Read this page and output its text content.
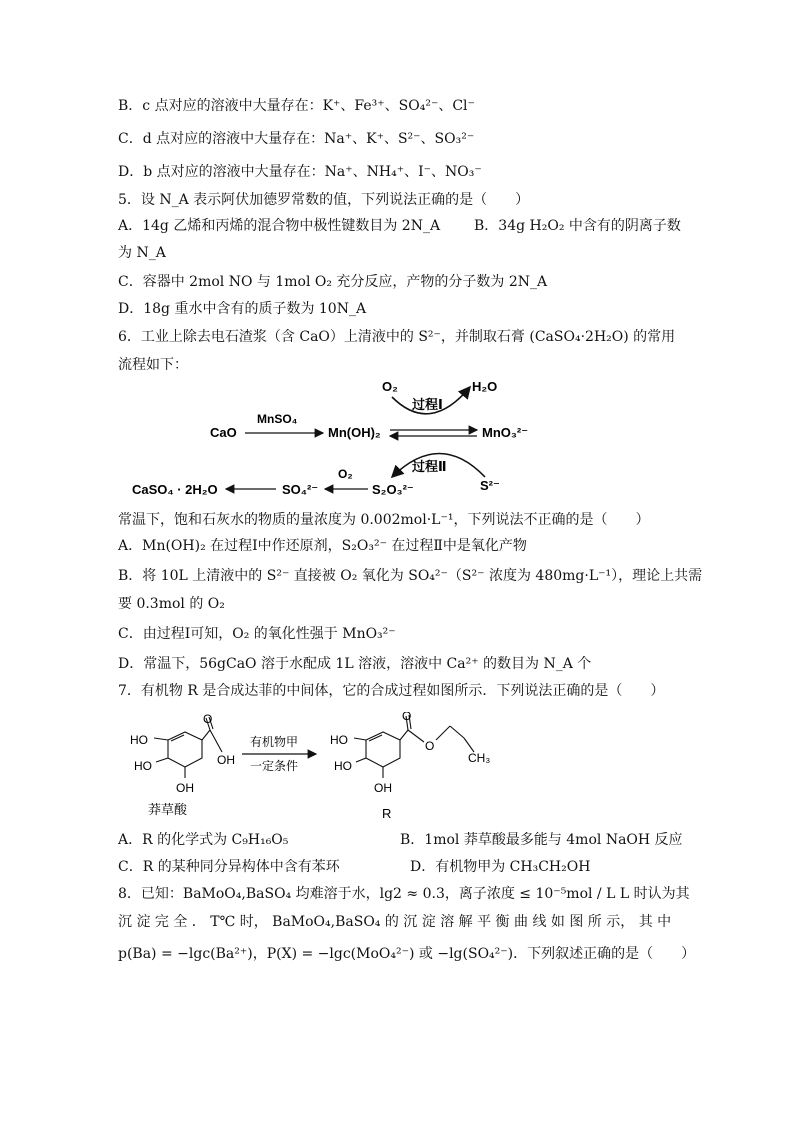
B．c 点对应的溶液中大量存在：K⁺、Fe³⁺、SO₄²⁻、Cl⁻
C．d 点对应的溶液中大量存在：Na⁺、K⁺、S²⁻、SO₃²⁻
D．b 点对应的溶液中大量存在：Na⁺、NH₄⁺、I⁻、NO₃⁻
5．设 N_A 表示阿伏加德罗常数的值，下列说法正确的是（　　）
A．14g 乙烯和丙烯的混合物中极性键数目为 2N_A	B．34g H₂O₂ 中含有的阴离子数
为 N_A
C．容器中 2mol NO 与 1mol O₂ 充分反应，产物的分子数为 2N_A
D．18g 重水中含有的质子数为 10N_A
6．工业上除去电石渣浆（含 CaO）上清液中的 S²⁻，并制取石膏 (CaSO₄·2H₂O) 的常用
流程如下：
CaO
MnSO₄
Mn(OH)₂	MnO₃²⁻
O₂	H₂O
过程Ⅰ
S²⁻
过程Ⅱ
S₂O₃²⁻
O₂
SO₄²⁻
CaSO₄ · 2H₂O
常温下，饱和石灰水的物质的量浓度为 0.002mol·L⁻¹，下列说法不正确的是（　　）
A．Mn(OH)₂ 在过程Ⅰ中作还原剂，S₂O₃²⁻ 在过程Ⅱ中是氧化产物
B．将 10L 上清液中的 S²⁻ 直接被 O₂ 氧化为 SO₄²⁻（S²⁻ 浓度为 480mg·L⁻¹），理论上共需
要 0.3mol 的 O₂
C．由过程Ⅰ可知，O₂ 的氧化性强于 MnO₃²⁻
D．常温下，56gCaO 溶于水配成 1L 溶液，溶液中 Ca²⁺ 的数目为 N_A 个
7．有机物 R 是合成达菲的中间体，它的合成过程如图所示．下列说法正确的是（　　）
O
OH
HO
HO
OH
莽草酸
有机物甲
一定条件
O
O
CH₃
HO
HO
OH
R
A．R 的化学式为 C₉H₁₆O₅	B．1mol 莽草酸最多能与 4mol NaOH 反应
C．R 的某种同分异构体中含有苯环	D．有机物甲为 CH₃CH₂OH
8．已知：BaMoO₄,BaSO₄ 均难溶于水，lg2 ≈ 0.3，离子浓度 ≤ 10⁻⁵mol / L L 时认为其
沉 淀 完 全 ． T℃ 时， BaMoO₄,BaSO₄ 的 沉 淀 溶 解 平 衡 曲 线 如 图 所 示， 其 中
p(Ba) = −lgc(Ba²⁺)，P(X) = −lgc(MoO₄²⁻) 或 −lg(SO₄²⁻)．下列叙述正确的是（　　）
